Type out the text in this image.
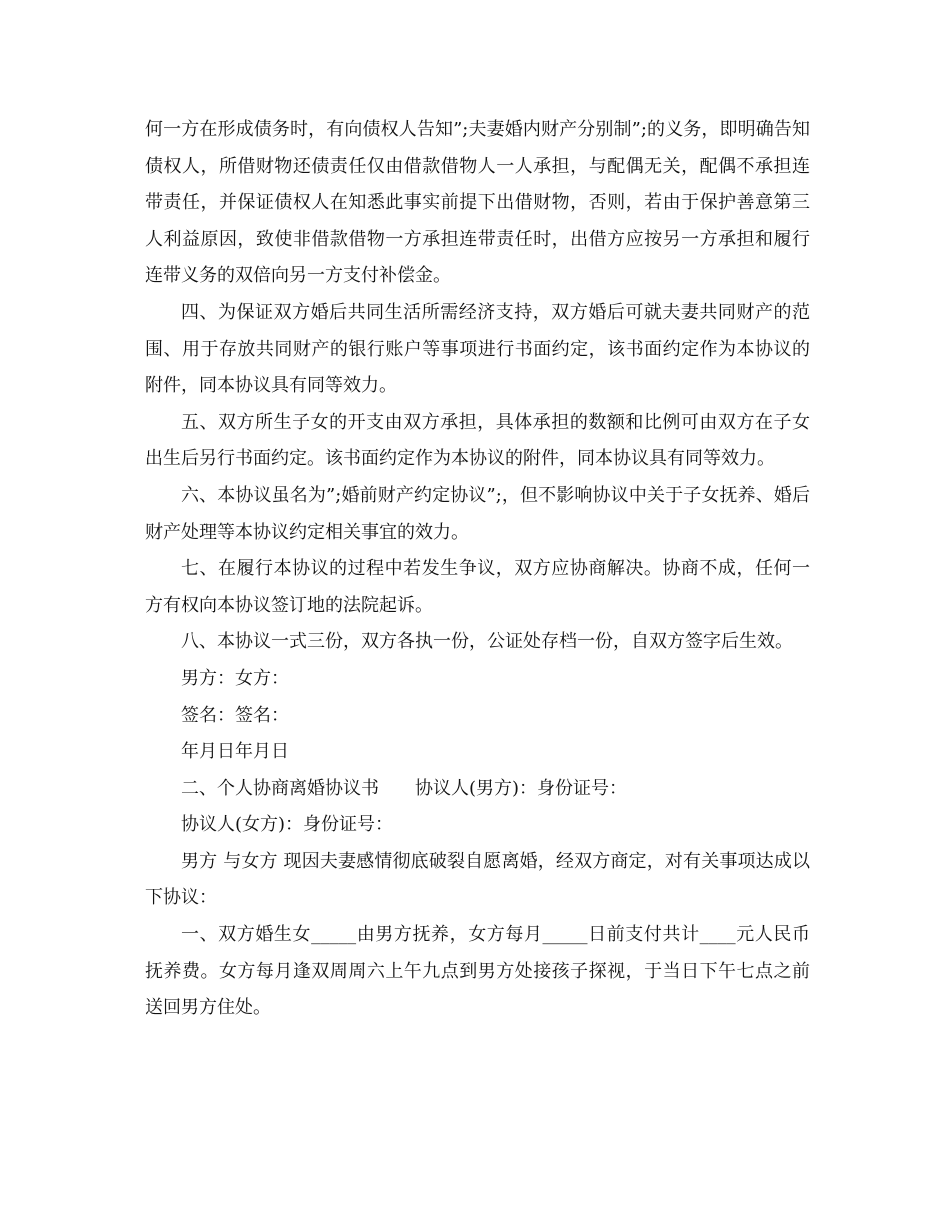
何一方在形成债务时，有向债权人告知”;夫妻婚内财产分别制”;的义务，即明确告知债权人，所借财物还债责任仅由借款借物人一人承担，与配偶无关，配偶不承担连带责任，并保证债权人在知悉此事实前提下出借财物，否则，若由于保护善意第三人利益原因，致使非借款借物一方承担连带责任时，出借方应按另一方承担和履行连带义务的双倍向另一方支付补偿金。

四、为保证双方婚后共同生活所需经济支持，双方婚后可就夫妻共同财产的范围、用于存放共同财产的银行账户等事项进行书面约定，该书面约定作为本协议的附件，同本协议具有同等效力。

五、双方所生子女的开支由双方承担，具体承担的数额和比例可由双方在子女出生后另行书面约定。该书面约定作为本协议的附件，同本协议具有同等效力。

六、本协议虽名为”;婚前财产约定协议”;，但不影响协议中关于子女抚养、婚后财产处理等本协议约定相关事宜的效力。

七、在履行本协议的过程中若发生争议，双方应协商解决。协商不成，任何一方有权向本协议签订地的法院起诉。

八、本协议一式三份，双方各执一份，公证处存档一份，自双方签字后生效。

男方：女方：

签名：签名：

年月日年月日

二、个人协商离婚协议书　　协议人(男方)：身份证号：

协议人(女方)：身份证号：

男方 与女方 现因夫妻感情彻底破裂自愿离婚，经双方商定，对有关事项达成以下协议：

一、双方婚生女_____由男方抚养，女方每月_____日前支付共计____元人民币抚养费。女方每月逢双周周六上午九点到男方处接孩子探视，于当日下午七点之前送回男方住处。
